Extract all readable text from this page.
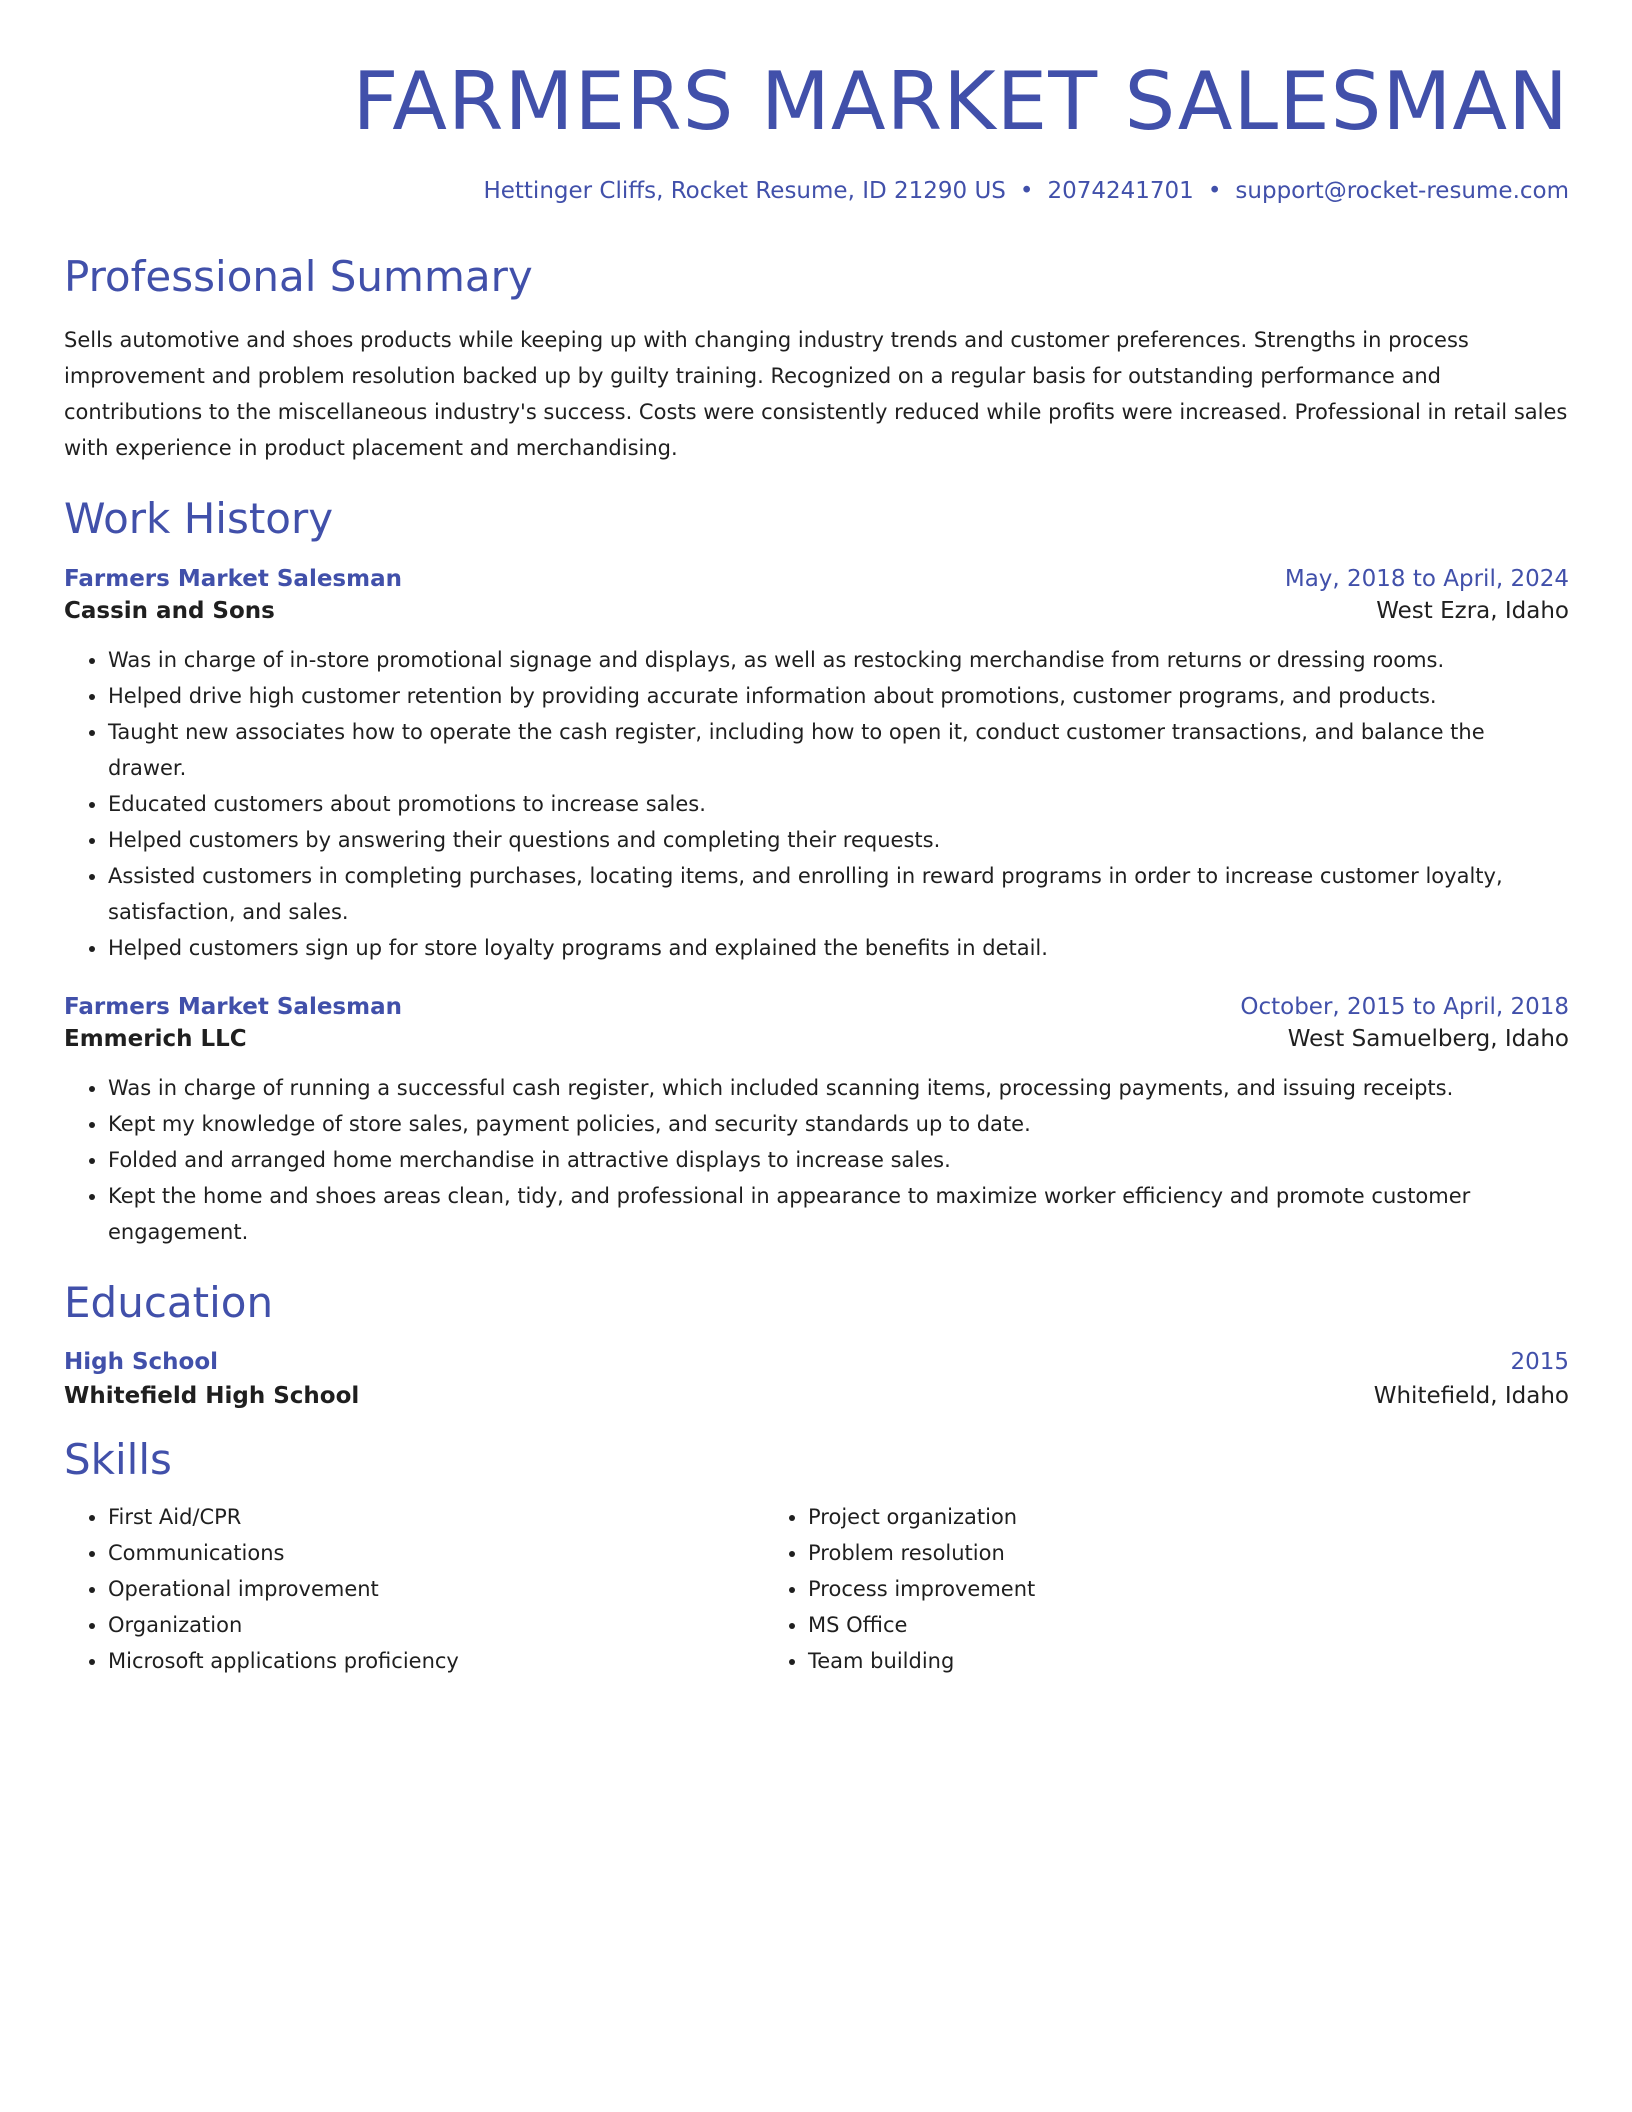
FARMERS MARKET SALESMAN
Hettinger Cliffs, Rocket Resume, ID 21290 US • 2074241701 • support@rocket-resume.com
Professional Summary
Sells automotive and shoes products while keeping up with changing industry trends and customer preferences. Strengths in process improvement and problem resolution backed up by guilty training. Recognized on a regular basis for outstanding performance and contributions to the miscellaneous industry's success. Costs were consistently reduced while profits were increased. Professional in retail sales with experience in product placement and merchandising.
Work History
Farmers Market Salesman	May, 2018 to April, 2024
Cassin and Sons	West Ezra, Idaho
• Was in charge of in-store promotional signage and displays, as well as restocking merchandise from returns or dressing rooms.
• Helped drive high customer retention by providing accurate information about promotions, customer programs, and products.
• Taught new associates how to operate the cash register, including how to open it, conduct customer transactions, and balance the drawer.
• Educated customers about promotions to increase sales.
• Helped customers by answering their questions and completing their requests.
• Assisted customers in completing purchases, locating items, and enrolling in reward programs in order to increase customer loyalty, satisfaction, and sales.
• Helped customers sign up for store loyalty programs and explained the benefits in detail.
Farmers Market Salesman	October, 2015 to April, 2018
Emmerich LLC	West Samuelberg, Idaho
• Was in charge of running a successful cash register, which included scanning items, processing payments, and issuing receipts.
• Kept my knowledge of store sales, payment policies, and security standards up to date.
• Folded and arranged home merchandise in attractive displays to increase sales.
• Kept the home and shoes areas clean, tidy, and professional in appearance to maximize worker efficiency and promote customer engagement.
Education
High School	2015
Whitefield High School	Whitefield, Idaho
Skills
• First Aid/CPR
• Communications
• Operational improvement
• Organization
• Microsoft applications proficiency
• Project organization
• Problem resolution
• Process improvement
• MS Office
• Team building
